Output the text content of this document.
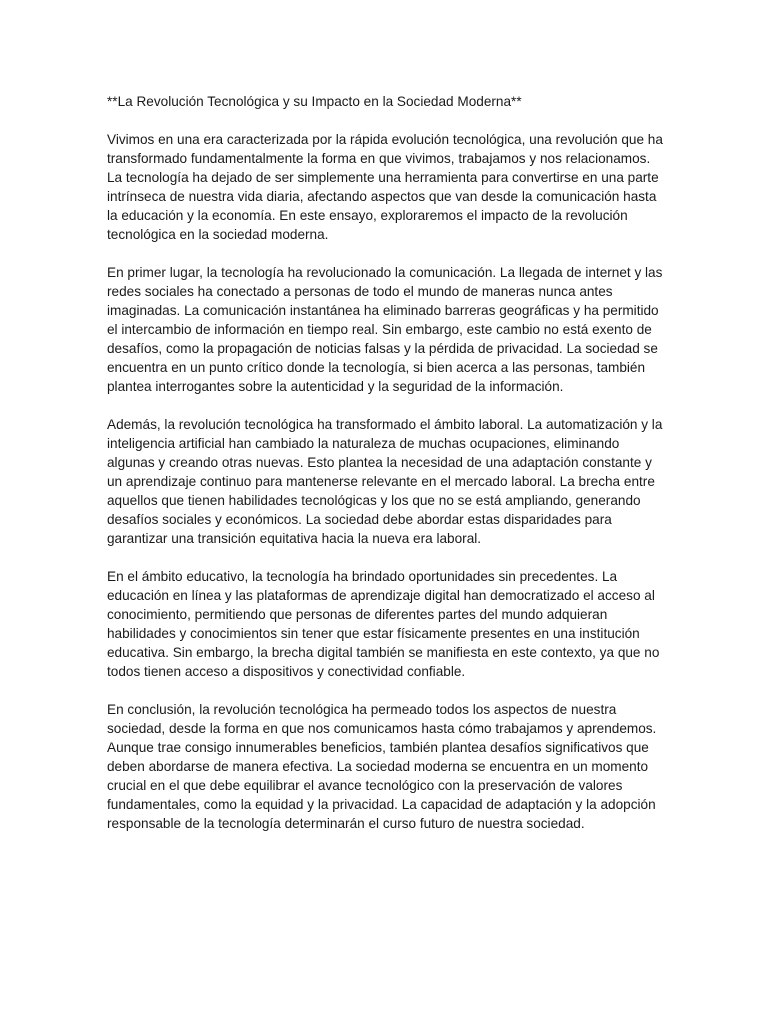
**La Revolución Tecnológica y su Impacto en la Sociedad Moderna**

Vivimos en una era caracterizada por la rápida evolución tecnológica, una revolución que ha transformado fundamentalmente la forma en que vivimos, trabajamos y nos relacionamos. La tecnología ha dejado de ser simplemente una herramienta para convertirse en una parte intrínseca de nuestra vida diaria, afectando aspectos que van desde la comunicación hasta la educación y la economía. En este ensayo, exploraremos el impacto de la revolución tecnológica en la sociedad moderna.

En primer lugar, la tecnología ha revolucionado la comunicación. La llegada de internet y las redes sociales ha conectado a personas de todo el mundo de maneras nunca antes imaginadas. La comunicación instantánea ha eliminado barreras geográficas y ha permitido el intercambio de información en tiempo real. Sin embargo, este cambio no está exento de desafíos, como la propagación de noticias falsas y la pérdida de privacidad. La sociedad se encuentra en un punto crítico donde la tecnología, si bien acerca a las personas, también plantea interrogantes sobre la autenticidad y la seguridad de la información.

Además, la revolución tecnológica ha transformado el ámbito laboral. La automatización y la inteligencia artificial han cambiado la naturaleza de muchas ocupaciones, eliminando algunas y creando otras nuevas. Esto plantea la necesidad de una adaptación constante y un aprendizaje continuo para mantenerse relevante en el mercado laboral. La brecha entre aquellos que tienen habilidades tecnológicas y los que no se está ampliando, generando desafíos sociales y económicos. La sociedad debe abordar estas disparidades para garantizar una transición equitativa hacia la nueva era laboral.

En el ámbito educativo, la tecnología ha brindado oportunidades sin precedentes. La educación en línea y las plataformas de aprendizaje digital han democratizado el acceso al conocimiento, permitiendo que personas de diferentes partes del mundo adquieran habilidades y conocimientos sin tener que estar físicamente presentes en una institución educativa. Sin embargo, la brecha digital también se manifiesta en este contexto, ya que no todos tienen acceso a dispositivos y conectividad confiable.

En conclusión, la revolución tecnológica ha permeado todos los aspectos de nuestra sociedad, desde la forma en que nos comunicamos hasta cómo trabajamos y aprendemos. Aunque trae consigo innumerables beneficios, también plantea desafíos significativos que deben abordarse de manera efectiva. La sociedad moderna se encuentra en un momento crucial en el que debe equilibrar el avance tecnológico con la preservación de valores fundamentales, como la equidad y la privacidad. La capacidad de adaptación y la adopción responsable de la tecnología determinarán el curso futuro de nuestra sociedad.
